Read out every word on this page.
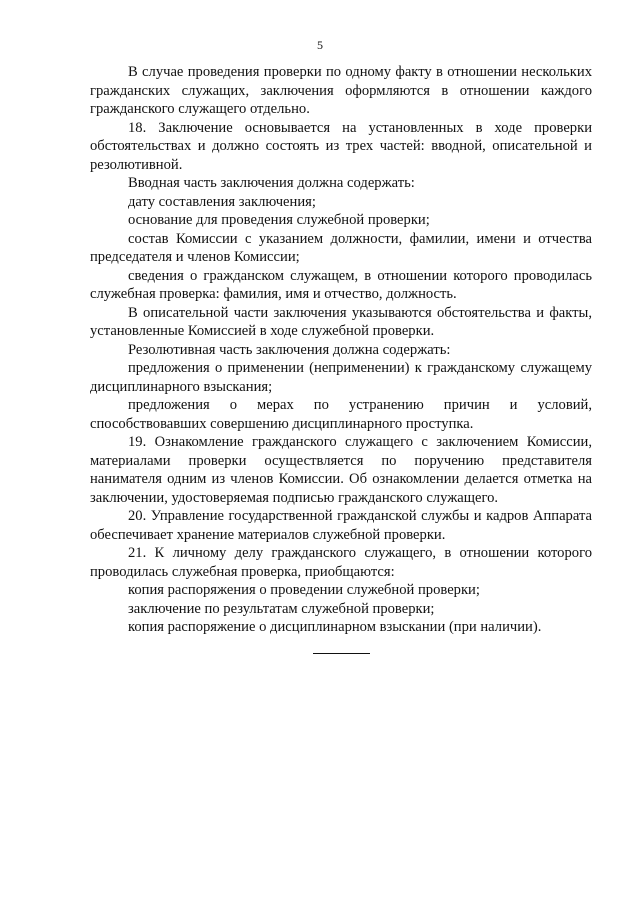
5

В случае проведения проверки по одному факту в отношении нескольких гражданских служащих, заключения оформляются в отношении каждого гражданского служащего отдельно.

18. Заключение основывается на установленных в ходе проверки обстоятельствах и должно состоять из трех частей: вводной, описательной и резолютивной.

Вводная часть заключения должна содержать:

дату составления заключения;

основание для проведения служебной проверки;

состав Комиссии с указанием должности, фамилии, имени и отчества председателя и членов Комиссии;

сведения о гражданском служащем, в отношении которого проводилась служебная проверка: фамилия, имя и отчество, должность.

В описательной части заключения указываются обстоятельства и факты, установленные Комиссией в ходе служебной проверки.

Резолютивная часть заключения должна содержать:

предложения о применении (неприменении) к гражданскому служащему дисциплинарного взыскания;

предложения о мерах по устранению причин и условий, способствовавших совершению дисциплинарного проступка.

19. Ознакомление гражданского служащего с заключением Комиссии, материалами проверки осуществляется по поручению представителя нанимателя одним из членов Комиссии. Об ознакомлении делается отметка на заключении, удостоверяемая подписью гражданского служащего.

20. Управление государственной гражданской службы и кадров Аппарата обеспечивает хранение материалов служебной проверки.

21. К личному делу гражданского служащего, в отношении которого проводилась служебная проверка, приобщаются:

копия распоряжения о проведении служебной проверки;

заключение по результатам служебной проверки;

копия распоряжение о дисциплинарном взыскании (при наличии).
